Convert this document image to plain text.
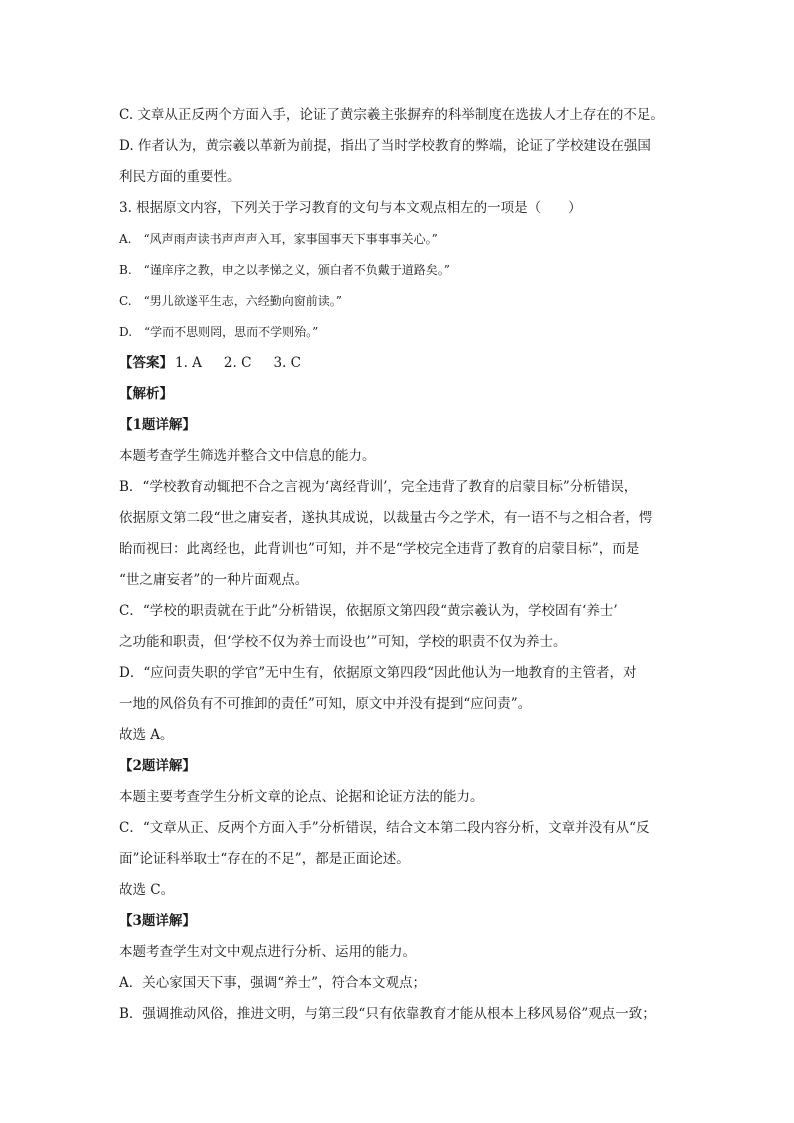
C. 文章从正反两个方面入手，论证了黄宗羲主张摒弃的科举制度在选拔人才上存在的不足。
D. 作者认为，黄宗羲以革新为前提，指出了当时学校教育的弊端，论证了学校建设在强国
利民方面的重要性。
3. 根据原文内容，下列关于学习教育的文句与本文观点相左的一项是（　　）
A.　“风声雨声读书声声声入耳，家事国事天下事事事关心。”
B.　“谨庠序之教，申之以孝悌之义，颁白者不负戴于道路矣。”
C.　“男儿欲遂平生志，六经勤向窗前读。”
D.　“学而不思则罔，思而不学则殆。”
【答案】 1. A 2. C 3. C
【解析】
【1题详解】
本题考查学生筛选并整合文中信息的能力。
B．“学校教育动辄把不合之言视为‘离经背训’，完全违背了教育的启蒙目标”分析错误，
依据原文第二段“世之庸妄者，遂执其成说，以裁量古今之学术，有一语不与之相合者，愕
眙而视曰：此离经也，此背训也”可知，并不是“学校完全违背了教育的启蒙目标”，而是
“世之庸妄者”的一种片面观点。
C．“学校的职责就在于此”分析错误，依据原文第四段“黄宗羲认为，学校固有‘养士’
之功能和职责，但‘学校不仅为养士而设也’”可知，学校的职责不仅为养士。
D．“应问责失职的学官”无中生有，依据原文第四段“因此他认为一地教育的主管者，对
一地的风俗负有不可推卸的责任”可知，原文中并没有提到“应问责”。
故选 A。
【2题详解】
本题主要考查学生分析文章的论点、论据和论证方法的能力。
C．“文章从正、反两个方面入手”分析错误，结合文本第二段内容分析，文章并没有从“反
面”论证科举取士“存在的不足”，都是正面论述。
故选 C。
【3题详解】
本题考查学生对文中观点进行分析、运用的能力。
A．关心家国天下事，强调“养士”，符合本文观点；
B．强调推动风俗，推进文明，与第三段“只有依靠教育才能从根本上移风易俗”观点一致；
